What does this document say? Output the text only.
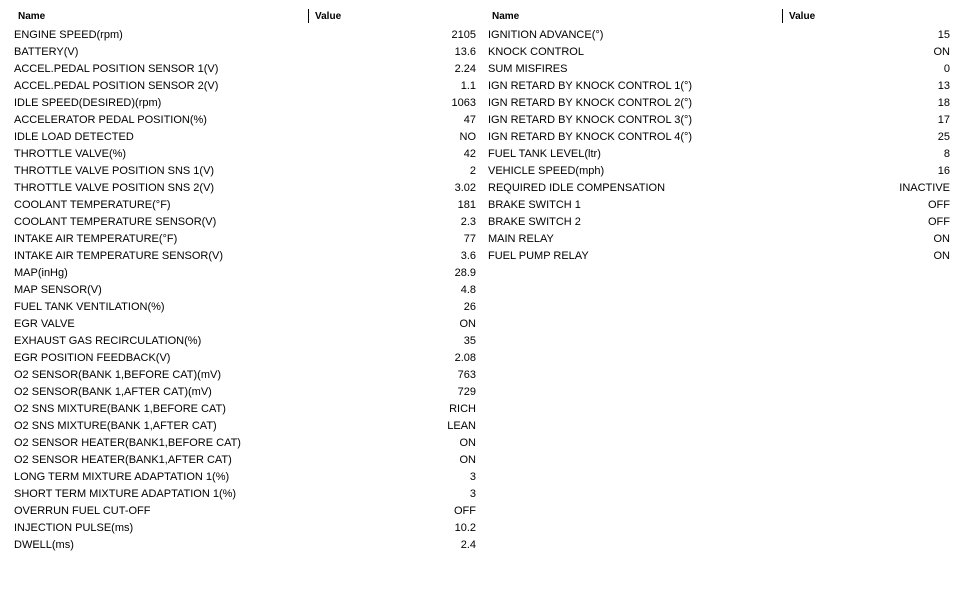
Name	Value
ENGINE SPEED(rpm)	2105
BATTERY(V)	13.6
ACCEL.PEDAL POSITION SENSOR 1(V)	2.24
ACCEL.PEDAL POSITION SENSOR 2(V)	1.1
IDLE SPEED(DESIRED)(rpm)	1063
ACCELERATOR PEDAL POSITION(%)	47
IDLE LOAD DETECTED	NO
THROTTLE VALVE(%)	42
THROTTLE VALVE POSITION SNS 1(V)	2
THROTTLE VALVE POSITION SNS 2(V)	3.02
COOLANT TEMPERATURE(°F)	181
COOLANT TEMPERATURE SENSOR(V)	2.3
INTAKE AIR TEMPERATURE(°F)	77
INTAKE AIR TEMPERATURE SENSOR(V)	3.6
MAP(inHg)	28.9
MAP SENSOR(V)	4.8
FUEL TANK VENTILATION(%)	26
EGR VALVE	ON
EXHAUST GAS RECIRCULATION(%)	35
EGR POSITION FEEDBACK(V)	2.08
O2 SENSOR(BANK 1,BEFORE CAT)(mV)	763
O2 SENSOR(BANK 1,AFTER CAT)(mV)	729
O2 SNS MIXTURE(BANK 1,BEFORE CAT)	RICH
O2 SNS MIXTURE(BANK 1,AFTER CAT)	LEAN
O2 SENSOR HEATER(BANK1,BEFORE CAT)	ON
O2 SENSOR HEATER(BANK1,AFTER CAT)	ON
LONG TERM MIXTURE ADAPTATION 1(%)	3
SHORT TERM MIXTURE ADAPTATION 1(%)	3
OVERRUN FUEL CUT-OFF	OFF
INJECTION PULSE(ms)	10.2
DWELL(ms)	2.4
Name	Value
IGNITION ADVANCE(°)	15
KNOCK CONTROL	ON
SUM MISFIRES	0
IGN RETARD BY KNOCK CONTROL 1(°)	13
IGN RETARD BY KNOCK CONTROL 2(°)	18
IGN RETARD BY KNOCK CONTROL 3(°)	17
IGN RETARD BY KNOCK CONTROL 4(°)	25
FUEL TANK LEVEL(ltr)	8
VEHICLE SPEED(mph)	16
REQUIRED IDLE COMPENSATION	INACTIVE
BRAKE SWITCH 1	OFF
BRAKE SWITCH 2	OFF
MAIN RELAY	ON
FUEL PUMP RELAY	ON
